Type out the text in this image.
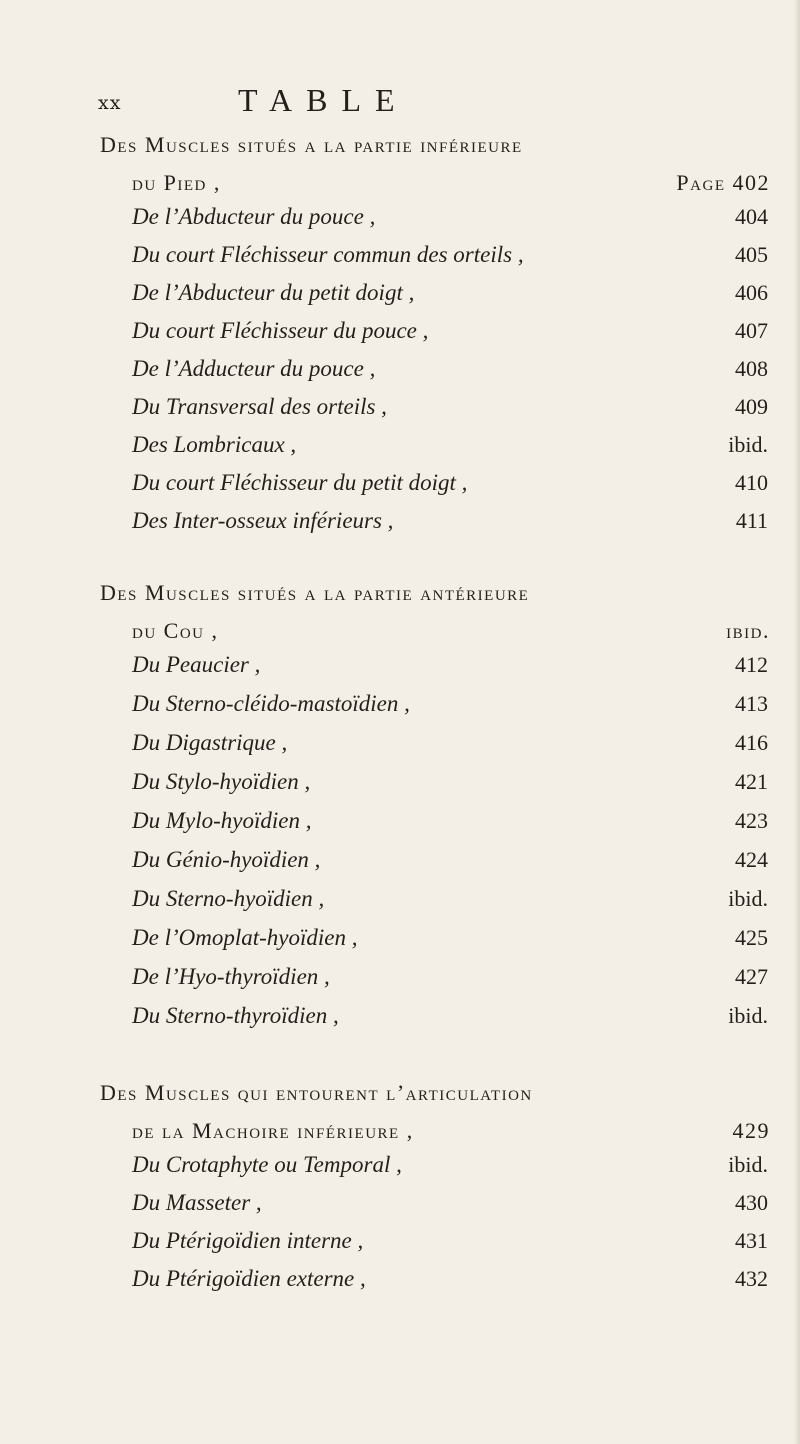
xx	TABLE
Des Muscles situés a la partie inférieure
du Pied ,	Page 402
De l’Abducteur du pouce ,	404
Du court Fléchisseur commun des orteils ,	405
De l’Abducteur du petit doigt ,	406
Du court Fléchisseur du pouce ,	407
De l’Adducteur du pouce ,	408
Du Transversal des orteils ,	409
Des Lombricaux ,	ibid.
Du court Fléchisseur du petit doigt ,	410
Des Inter-osseux inférieurs ,	411
Des Muscles situés a la partie antérieure
du Cou ,	ibid.
Du Peaucier ,	412
Du Sterno-cléido-mastoïdien ,	413
Du Digastrique ,	416
Du Stylo-hyoïdien ,	421
Du Mylo-hyoïdien ,	423
Du Génio-hyoïdien ,	424
Du Sterno-hyoïdien ,	ibid.
De l’Omoplat-hyoïdien ,	425
De l’Hyo-thyroïdien ,	427
Du Sterno-thyroïdien ,	ibid.
Des Muscles qui entourent l’articulation
de la Machoire inférieure ,	429
Du Crotaphyte ou Temporal ,	ibid.
Du Masseter ,	430
Du Ptérigoïdien interne ,	431
Du Ptérigoïdien externe ,	432
